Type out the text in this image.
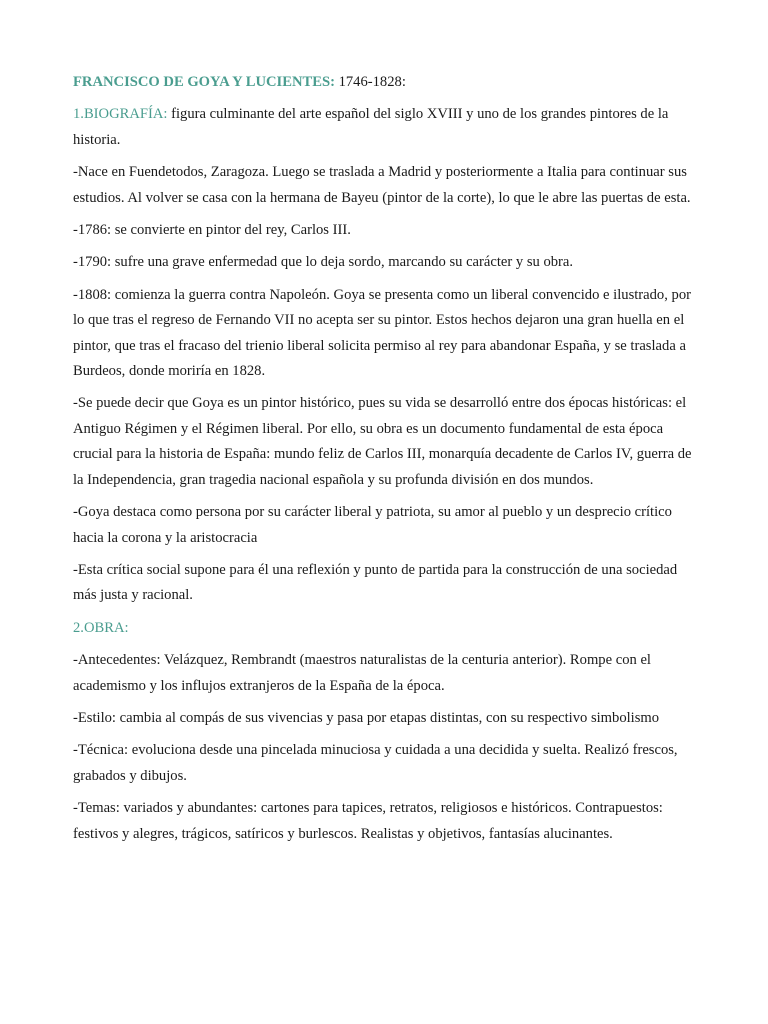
FRANCISCO DE GOYA Y LUCIENTES: 1746-1828:

1.BIOGRAFÍA: figura culminante del arte español del siglo XVIII y uno de los grandes pintores de la historia.

-Nace en Fuendetodos, Zaragoza. Luego se traslada a Madrid y posteriormente a Italia para continuar sus estudios. Al volver se casa con la hermana de Bayeu (pintor de la corte), lo que le abre las puertas de esta.

-1786: se convierte en pintor del rey, Carlos III.

-1790: sufre una grave enfermedad que lo deja sordo, marcando su carácter y su obra.

-1808: comienza la guerra contra Napoleón. Goya se presenta como un liberal convencido e ilustrado, por lo que tras el regreso de Fernando VII no acepta ser su pintor. Estos hechos dejaron una gran huella en el pintor, que tras el fracaso del trienio liberal solicita permiso al rey para abandonar España, y se traslada a Burdeos, donde moriría en 1828.

-Se puede decir que Goya es un pintor histórico, pues su vida se desarrolló entre dos épocas históricas: el Antiguo Régimen y el Régimen liberal. Por ello, su obra es un documento fundamental de esta época crucial para la historia de España: mundo feliz de Carlos III, monarquía decadente de Carlos IV, guerra de la Independencia, gran tragedia nacional española y su profunda división en dos mundos.

-Goya destaca como persona por su carácter liberal y patriota, su amor al pueblo y un desprecio crítico hacia la corona y la aristocracia

-Esta crítica social supone para él una reflexión y punto de partida para la construcción de una sociedad más justa y racional.

2.OBRA:

-Antecedentes: Velázquez, Rembrandt (maestros naturalistas de la centuria anterior). Rompe con el academismo y los influjos extranjeros de la España de la época.

-Estilo: cambia al compás de sus vivencias y pasa por etapas distintas, con su respectivo simbolismo

-Técnica: evoluciona desde una pincelada minuciosa y cuidada a una decidida y suelta. Realizó frescos, grabados y dibujos.

-Temas: variados y abundantes: cartones para tapices, retratos, religiosos e históricos. Contrapuestos: festivos y alegres, trágicos, satíricos y burlescos. Realistas y objetivos, fantasías alucinantes.
